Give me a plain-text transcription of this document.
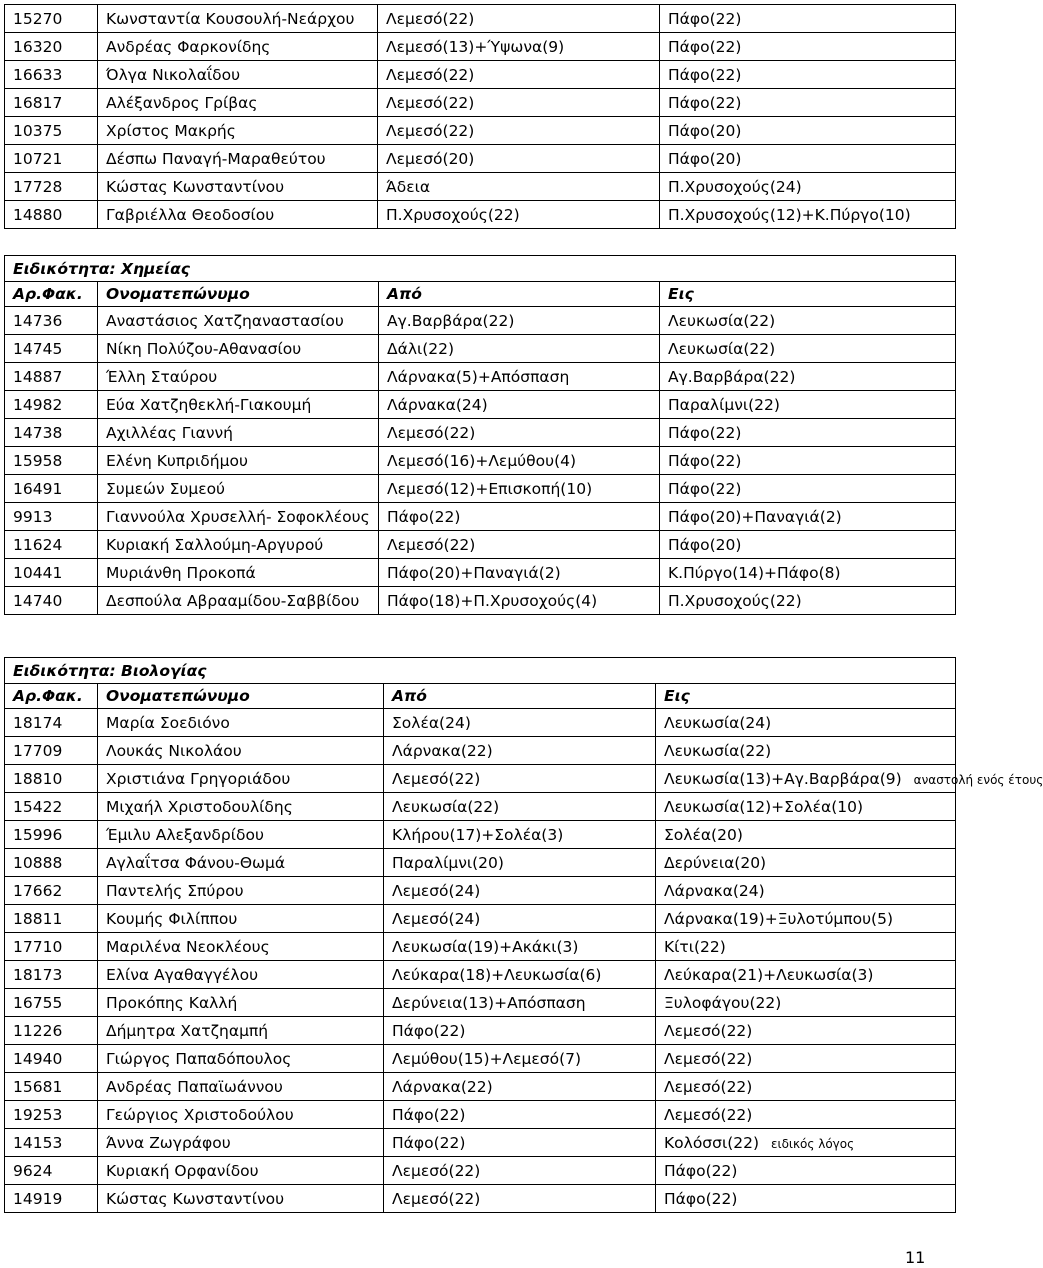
15270	Κωνσταντία Κουσουλή-Νεάρχου	Λεμεσό(22)	Πάφο(22)
16320	Ανδρέας Φαρκονίδης	Λεμεσό(13)+Ύψωνα(9)	Πάφο(22)
16633	Όλγα Νικολαΐδου	Λεμεσό(22)	Πάφο(22)
16817	Αλέξανδρος Γρίβας	Λεμεσό(22)	Πάφο(22)
10375	Χρίστος Μακρής	Λεμεσό(22)	Πάφο(20)
10721	Δέσπω Παναγή-Μαραθεύτου	Λεμεσό(20)	Πάφο(20)
17728	Κώστας Κωνσταντίνου	Άδεια	Π.Χρυσοχούς(24)
14880	Γαβριέλλα Θεοδοσίου	Π.Χρυσοχούς(22)	Π.Χρυσοχούς(12)+Κ.Πύργο(10)
Ειδικότητα: Χημείας			
Αρ.Φακ.	Ονοματεπώνυμο	Από	Εις
14736	Αναστάσιος Χατζηαναστασίου	Αγ.Βαρβάρα(22)	Λευκωσία(22)
14745	Νίκη Πολύζου-Αθανασίου	Δάλι(22)	Λευκωσία(22)
14887	Έλλη Σταύρου	Λάρνακα(5)+Απόσπαση	Αγ.Βαρβάρα(22)
14982	Εύα Χατζηθεκλή-Γιακουμή	Λάρνακα(24)	Παραλίμνι(22)
14738	Αχιλλέας Γιαννή	Λεμεσό(22)	Πάφο(22)
15958	Ελένη Κυπριδήμου	Λεμεσό(16)+Λεμύθου(4)	Πάφο(22)
16491	Συμεών Συμεού	Λεμεσό(12)+Επισκοπή(10)	Πάφο(22)
9913	Γιαννούλα Χρυσελλή- Σοφοκλέους	Πάφο(22)	Πάφο(20)+Παναγιά(2)
11624	Κυριακή Σαλλούμη-Αργυρού	Λεμεσό(22)	Πάφο(20)
10441	Μυριάνθη Προκοπά	Πάφο(20)+Παναγιά(2)	Κ.Πύργο(14)+Πάφο(8)
14740	Δεσπούλα Αβρααμίδου-Σαββίδου	Πάφο(18)+Π.Χρυσοχούς(4)	Π.Χρυσοχούς(22)
Ειδικότητα: Βιολογίας			
Αρ.Φακ.	Ονοματεπώνυμο	Από	Εις
18174	Μαρία Σοεδιόνο	Σολέα(24)	Λευκωσία(24)
17709	Λουκάς Νικολάου	Λάρνακα(22)	Λευκωσία(22)
18810	Χριστιάνα Γρηγοριάδου	Λεμεσό(22)	Λευκωσία(13)+Αγ.Βαρβάρα(9) αναστολή ενός έτους
15422	Μιχαήλ Χριστοδουλίδης	Λευκωσία(22)	Λευκωσία(12)+Σολέα(10)
15996	Έμιλυ Αλεξανδρίδου	Κλήρου(17)+Σολέα(3)	Σολέα(20)
10888	Αγλαΐτσα Φάνου-Θωμά	Παραλίμνι(20)	Δερύνεια(20)
17662	Παντελής Σπύρου	Λεμεσό(24)	Λάρνακα(24)
18811	Κουμής Φιλίππου	Λεμεσό(24)	Λάρνακα(19)+Ξυλοτύμπου(5)
17710	Μαριλένα Νεοκλέους	Λευκωσία(19)+Ακάκι(3)	Κίτι(22)
18173	Ελίνα Αγαθαγγέλου	Λεύκαρα(18)+Λευκωσία(6)	Λεύκαρα(21)+Λευκωσία(3)
16755	Προκόπης Καλλή	Δερύνεια(13)+Απόσπαση	Ξυλοφάγου(22)
11226	Δήμητρα Χατζηαμπή	Πάφο(22)	Λεμεσό(22)
14940	Γιώργος Παπαδόπουλος	Λεμύθου(15)+Λεμεσό(7)	Λεμεσό(22)
15681	Ανδρέας Παπαϊωάννου	Λάρνακα(22)	Λεμεσό(22)
19253	Γεώργιος Χριστοδούλου	Πάφο(22)	Λεμεσό(22)
14153	Άννα Ζωγράφου	Πάφο(22)	Κολόσσι(22) ειδικός λόγος
9624	Κυριακή Ορφανίδου	Λεμεσό(22)	Πάφο(22)
14919	Κώστας Κωνσταντίνου	Λεμεσό(22)	Πάφο(22)
11
